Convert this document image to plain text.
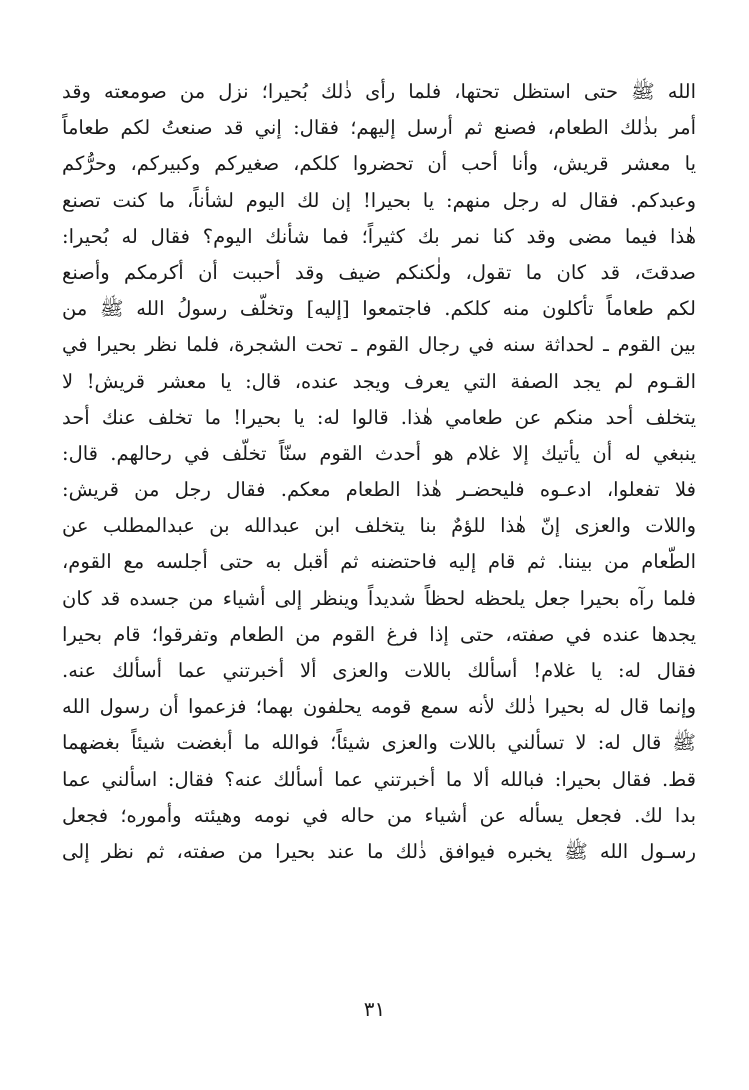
الله ﷺ حتى استظل تحتها، فلما رأى ذٰلك بُحيرا؛ نزل من صومعته وقد
أمر بذٰلك الطعام، فصنع ثم أرسل إليهم؛ فقال: إني قد صنعتُ لكم طعاماً
يا معشر قريش، وأنا أحب أن تحضروا كلكم، صغيركم وكبيركم، وحرُّكم
وعبدكم. فقال له رجل منهم: يا بحيرا! إن لك اليوم لشأناً، ما كنت تصنع
هٰذا فيما مضى وقد كنا نمر بك كثيراً؛ فما شأنك اليوم؟ فقال له بُحيرا:
صدقتَ، قد كان ما تقول، ولٰكنكم ضيف وقد أحببت أن أكرمكم وأصنع
لكم طعاماً تأكلون منه كلكم. فاجتمعوا [إليه] وتخلّف رسولُ الله ﷺ من
بين القوم ـ لحداثة سنه في رجال القوم ـ تحت الشجرة، فلما نظر بحيرا في
القـوم لم يجد الصفة التي يعرف ويجد عنده، قال: يا معشر قريش! لا
يتخلف أحد منكم عن طعامي هٰذا. قالوا له: يا بحيرا! ما تخلف عنك أحد
ينبغي له أن يأتيك إلا غلام هو أحدث القوم سنّاً تخلّف في رحالهم. قال:
فلا تفعلوا، ادعـوه فليحضـر هٰذا الطعام معكم. فقال رجل من قريش:
واللات والعزى إنّ هٰذا للؤمٌ بنا يتخلف ابن عبدالله بن عبدالمطلب عن
الطّعام من بيننا. ثم قام إليه فاحتضنه ثم أقبل به حتى أجلسه مع القوم،
فلما رآه بحيرا جعل يلحظه لحظاً شديداً وينظر إلى أشياء من جسده قد كان
يجدها عنده في صفته، حتى إذا فرغ القوم من الطعام وتفرقوا؛ قام بحيرا
فقال له: يا غلام! أسألك باللات والعزى ألا أخبرتني عما أسألك عنه.
وإنما قال له بحيرا ذٰلك لأنه سمع قومه يحلفون بهما؛ فزعموا أن رسول الله
ﷺ قال له: لا تسألني باللات والعزى شيئاً؛ فوالله ما أبغضت شيئاً بغضهما
قط. فقال بحيرا: فبالله ألا ما أخبرتني عما أسألك عنه؟ فقال: اسألني عما
بدا لك. فجعل يسأله عن أشياء من حاله في نومه وهيئته وأموره؛ فجعل
رسـول الله ﷺ يخبره فيوافق ذٰلك ما عند بحيرا من صفته، ثم نظر إلى
٣١
